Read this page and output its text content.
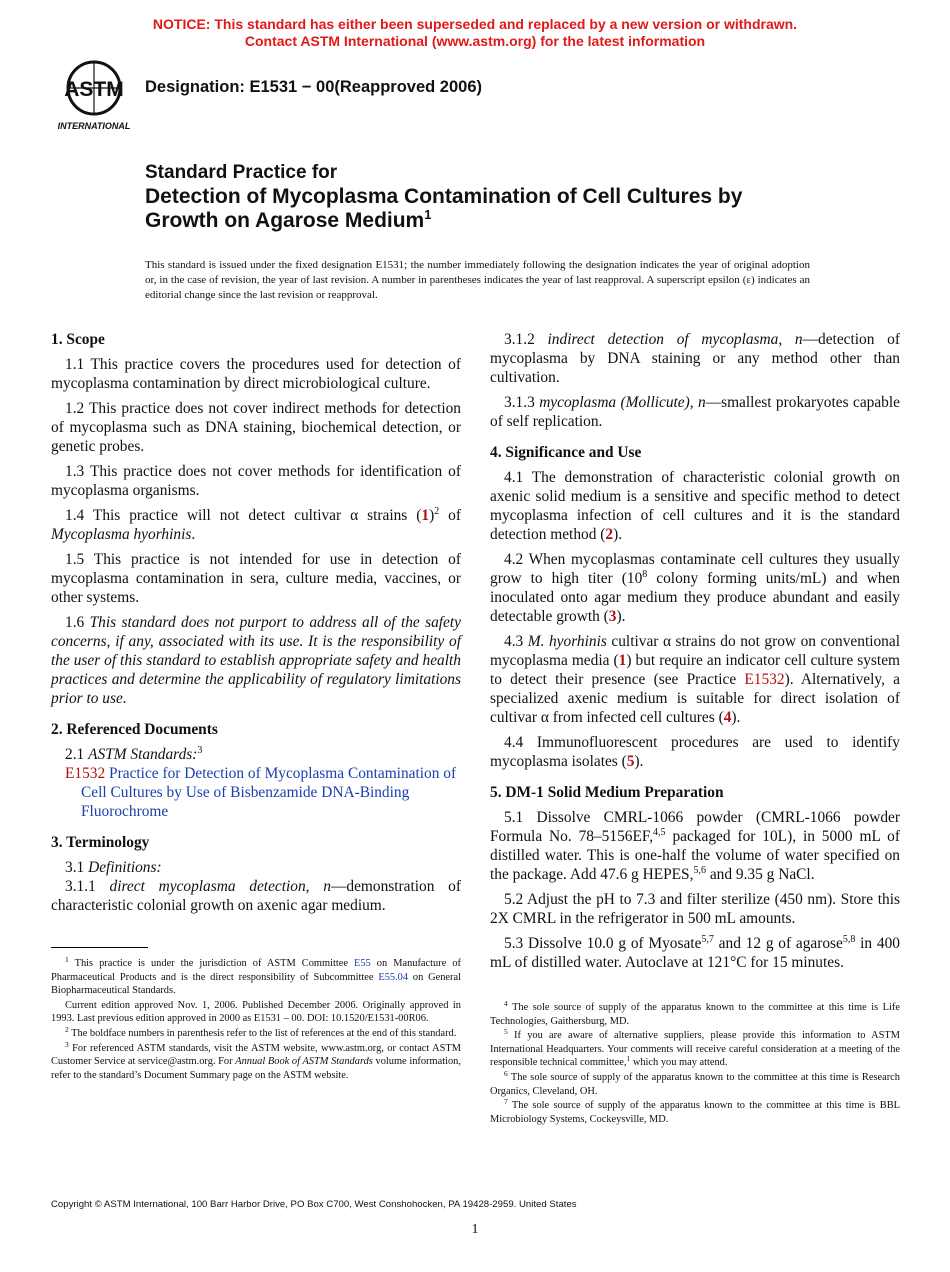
NOTICE: This standard has either been superseded and replaced by a new version or withdrawn.
Contact ASTM International (www.astm.org) for the latest information
ASTM
INTERNATIONAL
Designation: E1531 − 00(Reapproved 2006)
Standard Practice for
Detection of Mycoplasma Contamination of Cell Cultures by
Growth on Agarose Medium$^1$
This standard is issued under the fixed designation E1531; the number immediately following the designation indicates the year of original adoption or, in the case of revision, the year of last revision. A number in parentheses indicates the year of last reapproval. A superscript epsilon (ε) indicates an editorial change since the last revision or reapproval.
1. Scope

1.1 This practice covers the procedures used for detection of mycoplasma contamination by direct microbiological culture.

1.2 This practice does not cover indirect methods for detection of mycoplasma such as DNA staining, biochemical detection, or genetic probes.

1.3 This practice does not cover methods for identification of mycoplasma organisms.

1.4 This practice will not detect cultivar α strains $(1)^2$ of Mycoplasma hyorhinis.

1.5 This practice is not intended for use in detection of mycoplasma contamination in sera, culture media, vaccines, or other systems.

1.6 This standard does not purport to address all of the safety concerns, if any, associated with its use. It is the responsibility of the user of this standard to establish appropriate safety and health practices and determine the applicability of regulatory limitations prior to use.

2. Referenced Documents

2.1 ASTM Standards:$^3$

E1532 Practice for Detection of Mycoplasma Contamination of Cell Cultures by Use of Bisbenzamide DNA-Binding Fluorochrome

3. Terminology

3.1 Definitions:

3.1.1 direct mycoplasma detection, n—demonstration of characteristic colonial growth on axenic agar medium.

3.1.2 indirect detection of mycoplasma, n—detection of mycoplasma by DNA staining or any method other than cultivation.

3.1.3 mycoplasma (Mollicute), n—smallest prokaryotes capable of self replication.

4. Significance and Use

4.1 The demonstration of characteristic colonial growth on axenic solid medium is a sensitive and specific method to detect mycoplasma infection of cell cultures and it is the standard detection method (2).

4.2 When mycoplasmas contaminate cell cultures they usually grow to high titer ($10^8$ colony forming units/mL) and when inoculated onto agar medium they produce abundant and easily detectable growth (3).

4.3 M. hyorhinis cultivar α strains do not grow on conventional mycoplasma media (1) but require an indicator cell culture system to detect their presence (see Practice E1532). Alternatively, a specialized axenic medium is suitable for direct isolation of cultivar α from infected cell cultures (4).

4.4 Immunofluorescent procedures are used to identify mycoplasma isolates (5).

5. DM-1 Solid Medium Preparation

5.1 Dissolve CMRL-1066 powder (CMRL-1066 powder Formula No. 78–5156EF,$^{4,5}$ packaged for 10L), in 5000 mL of distilled water. This is one-half the volume of water specified on the package. Add 47.6 g HEPES,$^{5,6}$ and 9.35 g NaCl.

5.2 Adjust the pH to 7.3 and filter sterilize (450 nm). Store this 2X CMRL in the refrigerator in 500 mL amounts.

5.3 Dissolve 10.0 g of Myosate$^{5,7}$ and 12 g of agarose$^{5,8}$ in 400 mL of distilled water. Autoclave at 121°C for 15 minutes.

$^1$ This practice is under the jurisdiction of ASTM Committee E55 on Manufacture of Pharmaceutical Products and is the direct responsibility of Subcommittee E55.04 on General Biopharmaceutical Standards.

Current edition approved Nov. 1, 2006. Published December 2006. Originally approved in 1993. Last previous edition approved in 2000 as E1531 – 00. DOI: 10.1520/E1531-00R06.

$^2$ The boldface numbers in parenthesis refer to the list of references at the end of this standard.

$^3$ For referenced ASTM standards, visit the ASTM website, www.astm.org, or contact ASTM Customer Service at service@astm.org. For Annual Book of ASTM Standards volume information, refer to the standard’s Document Summary page on the ASTM website.

$^4$ The sole source of supply of the apparatus known to the committee at this time is Life Technologies, Gaithersburg, MD.

$^5$ If you are aware of alternative suppliers, please provide this information to ASTM International Headquarters. Your comments will receive careful consideration at a meeting of the responsible technical committee,$^1$ which you may attend.

$^6$ The sole source of supply of the apparatus known to the committee at this time is Research Organics, Cleveland, OH.

$^7$ The sole source of supply of the apparatus known to the committee at this time is BBL Microbiology Systems, Cockeysville, MD.

Copyright © ASTM International, 100 Barr Harbor Drive, PO Box C700, West Conshohocken, PA 19428-2959. United States
1
